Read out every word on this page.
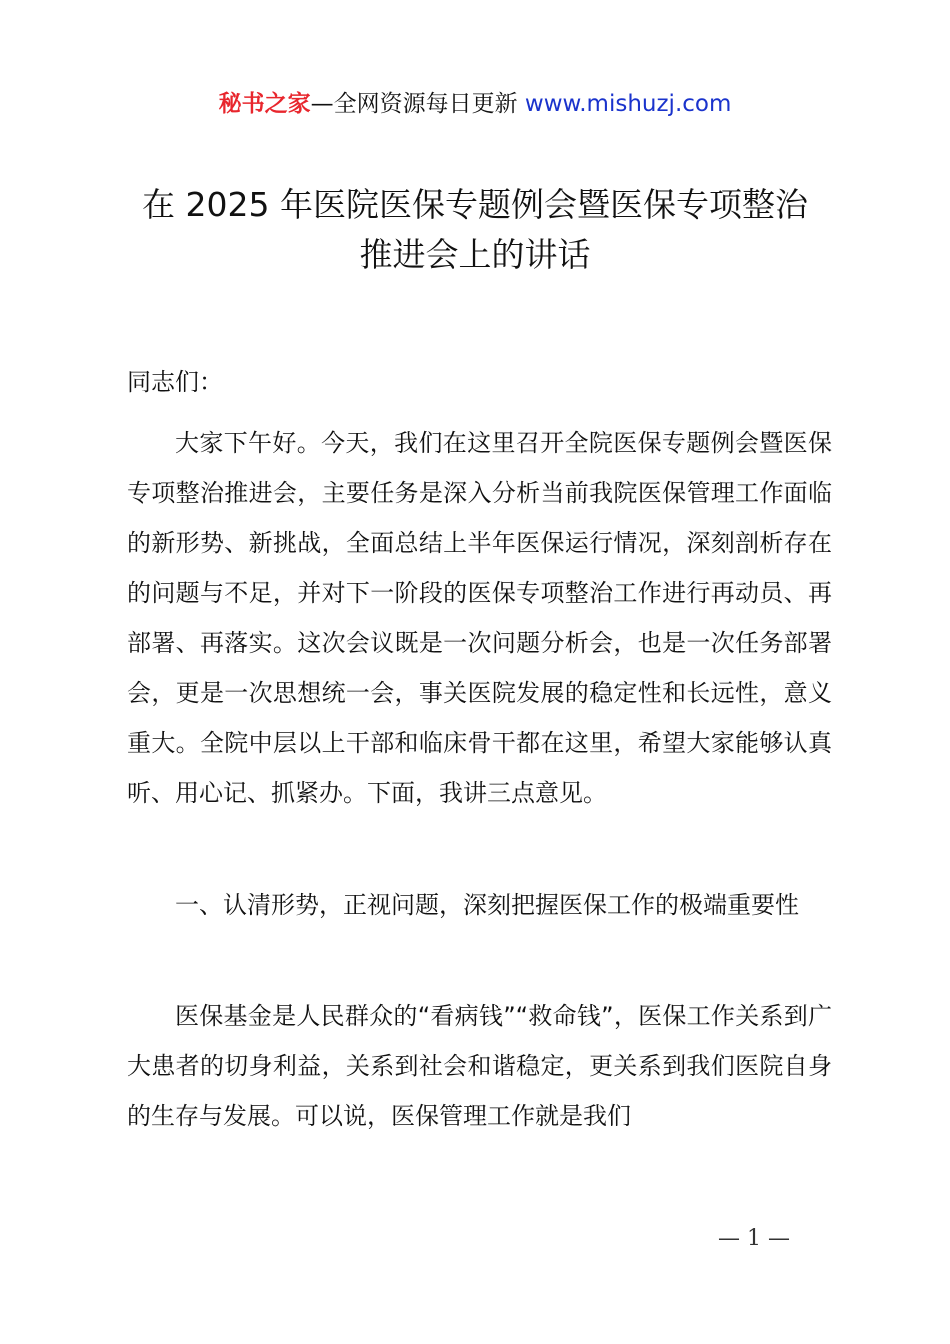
秘书之家—全网资源每日更新 www.mishuzj.com
在 2025 年医院医保专题例会暨医保专项整治
推进会上的讲话
同志们：

大家下午好。今天，我们在这里召开全院医保专题例会暨医保专项整治推进会，主要任务是深入分析当前我院医保管理工作面临的新形势、新挑战，全面总结上半年医保运行情况，深刻剖析存在的问题与不足，并对下一阶段的医保专项整治工作进行再动员、再部署、再落实。这次会议既是一次问题分析会，也是一次任务部署会，更是一次思想统一会，事关医院发展的稳定性和长远性，意义重大。全院中层以上干部和临床骨干都在这里，希望大家能够认真听、用心记、抓紧办。下面，我讲三点意见。

一、认清形势，正视问题，深刻把握医保工作的极端重要性

医保基金是人民群众的“看病钱”“救命钱”，医保工作关系到广大患者的切身利益，关系到社会和谐稳定，更关系到我们医院自身的生存与发展。可以说，医保管理工作就是我们

— 1 —
